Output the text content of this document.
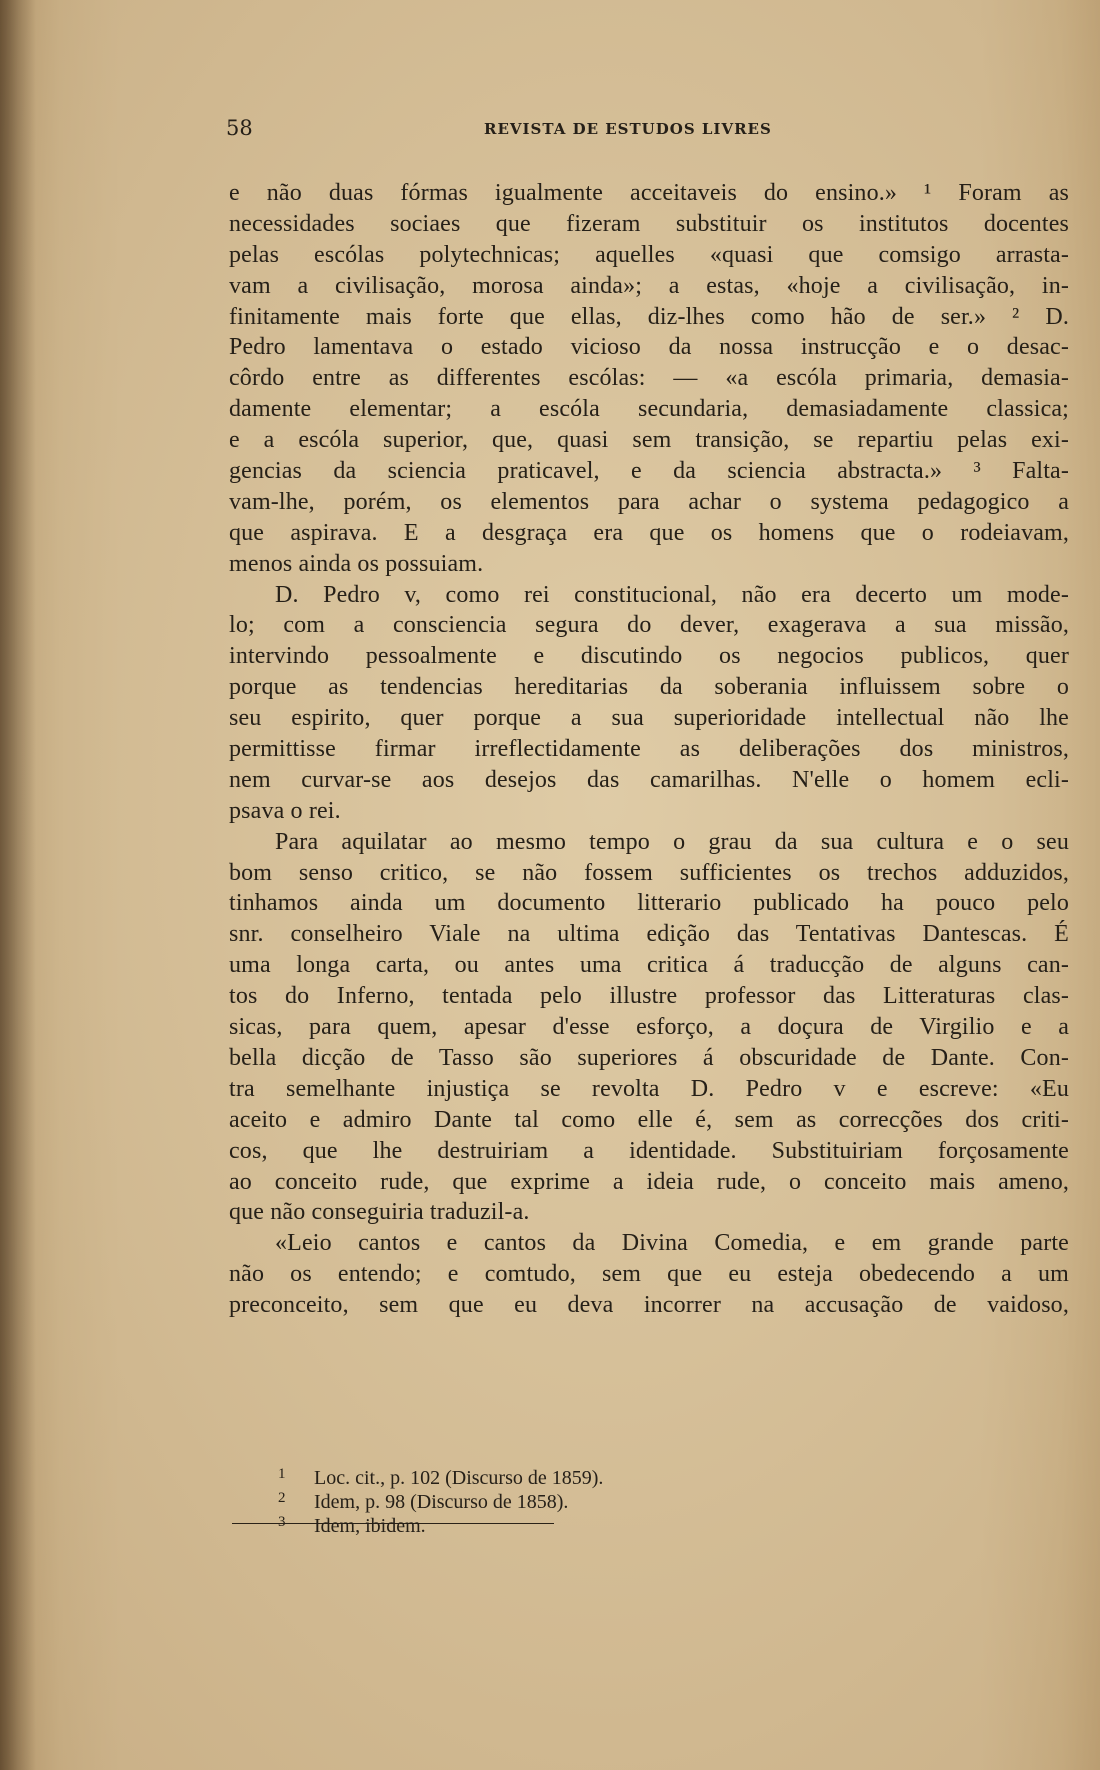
58	REVISTA DE ESTUDOS LIVRES
e não duas fórmas igualmente acceitaveis do ensino.» ¹ Foram as
necessidades sociaes que fizeram substituir os institutos docentes
pelas escólas polytechnicas; aquelles «quasi que comsigo arrasta-
vam a civilisação, morosa ainda»; a estas, «hoje a civilisação, in-
finitamente mais forte que ellas, diz-lhes como hão de ser.» ² D.
Pedro lamentava o estado vicioso da nossa instrucção e o desac-
côrdo entre as differentes escólas: — «a escóla primaria, demasia-
damente elementar; a escóla secundaria, demasiadamente classica;
e a escóla superior, que, quasi sem transição, se repartiu pelas exi-
gencias da sciencia praticavel, e da sciencia abstracta.» ³ Falta-
vam-lhe, porém, os elementos para achar o systema pedagogico a
que aspirava. E a desgraça era que os homens que o rodeiavam,
menos ainda os possuiam.
D. Pedro v, como rei constitucional, não era decerto um mode-
lo; com a consciencia segura do dever, exagerava a sua missão,
intervindo pessoalmente e discutindo os negocios publicos, quer
porque as tendencias hereditarias da soberania influissem sobre o
seu espirito, quer porque a sua superioridade intellectual não lhe
permittisse firmar irreflectidamente as deliberações dos ministros,
nem curvar-se aos desejos das camarilhas. N'elle o homem ecli-
psava o rei.
Para aquilatar ao mesmo tempo o grau da sua cultura e o seu
bom senso critico, se não fossem sufficientes os trechos adduzidos,
tinhamos ainda um documento litterario publicado ha pouco pelo
snr. conselheiro Viale na ultima edição das Tentativas Dantescas. É
uma longa carta, ou antes uma critica á traducção de alguns can-
tos do Inferno, tentada pelo illustre professor das Litteraturas clas-
sicas, para quem, apesar d'esse esforço, a doçura de Virgilio e a
bella dicção de Tasso são superiores á obscuridade de Dante. Con-
tra semelhante injustiça se revolta D. Pedro v e escreve: «Eu
aceito e admiro Dante tal como elle é, sem as correcções dos criti-
cos, que lhe destruiriam a identidade. Substituiriam forçosamente
ao conceito rude, que exprime a ideia rude, o conceito mais ameno,
que não conseguiria traduzil-a.
«Leio cantos e cantos da Divina Comedia, e em grande parte
não os entendo; e comtudo, sem que eu esteja obedecendo a um
preconceito, sem que eu deva incorrer na accusação de vaidoso,
1 Loc. cit., p. 102 (Discurso de 1859).
2 Idem, p. 98 (Discurso de 1858).
3 Idem, ibidem.
